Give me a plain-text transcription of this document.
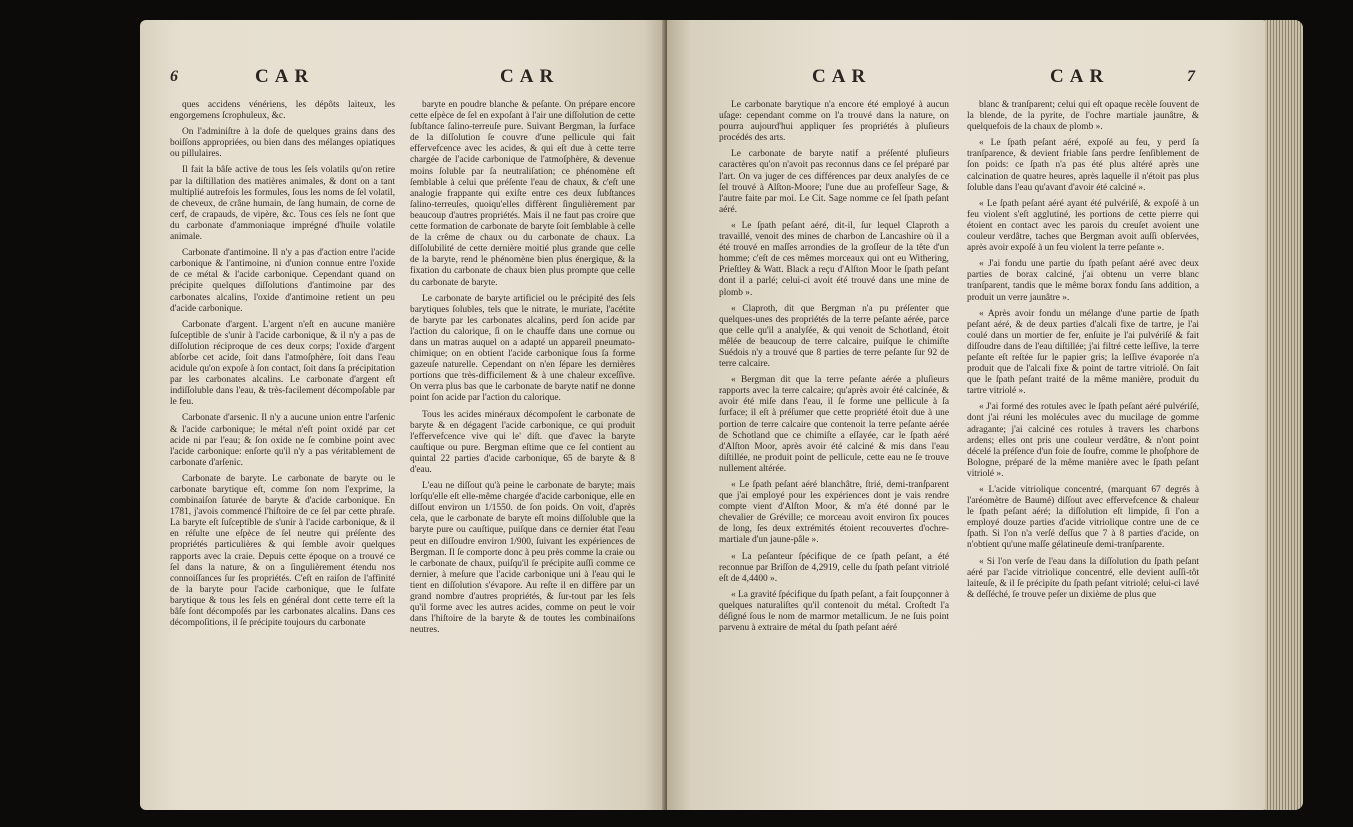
6	CAR	CAR

ques accidens vénériens, les dépôts laiteux, les engorgemens ſcrophuleux, &c.

On l'adminiſtre à la doſe de quelques grains dans des boiſſons appropriées, ou bien dans des mélanges opiatiques ou pillulaires.

Il fait la bâſe active de tous les ſels volatils qu'on retire par la diſtillation des matières animales, & dont on a tant multiplié autrefois les formules, ſous les noms de ſel volatil, de cheveux, de crâne humain, de ſang humain, de corne de cerf, de crapauds, de vipère, &c. Tous ces ſels ne ſont que du carbonate d'ammoniaque imprégné d'huile volatile animale.

Carbonate d'antimoine. Il n'y a pas d'action entre l'acide carbonique & l'antimoine, ni d'union connue entre l'oxide de ce métal & l'acide carbonique. Cependant quand on précipite quelques diſſolutions d'antimoine par des carbonates alcalins, l'oxide d'antimoine retient un peu d'acide carbonique.

Carbonate d'argent. L'argent n'eſt en aucune manière ſuſceptible de s'unir à l'acide carbonique, & il n'y a pas de diſſolution réciproque de ces deux corps; l'oxide d'argent abſorbe cet acide, ſoit dans l'atmoſphère, ſoit dans l'eau acidule qu'on expoſe à ſon contact, ſoit dans ſa précipitation par les carbonates alcalins. Le carbonate d'argent eſt indiſſoluble dans l'eau, & très-facilement décompoſable par le feu.

Carbonate d'arsenic. Il n'y a aucune union entre l'arſenic & l'acide carbonique; le métal n'eſt point oxidé par cet acide ni par l'eau; & ſon oxide ne ſe combine point avec l'acide carbonique: enſorte qu'il n'y a pas véritablement de carbonate d'arſenic.

Carbonate de baryte. Le carbonate de baryte ou le carbonate barytique eſt, comme ſon nom l'exprime, la combinaiſon ſaturée de baryte & d'acide carbonique. En 1781, j'avois commencé l'hiſtoire de ce ſel par cette phraſe. La baryte eſt ſuſceptible de s'unir à l'acide carbonique, & il en réſulte une eſpèce de ſel neutre qui préſente des propriétés particulières & qui ſemble avoir quelques rapports avec la craie. Depuis cette époque on a trouvé ce ſel dans la nature, & on a ſingulièrement étendu nos connoiſſances ſur ſes propriétés. C'eſt en raiſon de l'affinité de la baryte pour l'acide carbonique, que le ſulfate barytique & tous les ſels en général dont cette terre eſt la bâſe ſont décompoſés par les carbonates alcalins. Dans ces décompoſitions, il ſe précipite toujours du carbonate

baryte en poudre blanche & peſante. On prépare encore cette eſpèce de ſel en expoſant à l'air une diſſolution de cette ſubſtance ſalino-terreuſe pure. Suivant Bergman, la ſurface de la diſſolution ſe couvre d'une pellicule qui fait effervefcence avec les acides, & qui eſt due à cette terre chargée de l'acide carbonique de l'atmoſphère, & devenue moins ſoluble par ſa neutraliſation; ce phénomène eſt ſemblable à celui que préſente l'eau de chaux, & c'eſt une analogie frappante qui exiſte entre ces deux ſubſtances ſalino-terreuſes, quoiqu'elles diffèrent ſingulièrement par beaucoup d'autres propriétés. Mais il ne faut pas croire que cette formation de carbonate de baryte ſoit ſemblable à celle de la crême de chaux ou du carbonate de chaux. La diſſolubilité de cette dernière moitié plus grande que celle de la baryte, rend le phénomène bien plus énergique, & la fixation du carbonate de chaux bien plus prompte que celle du carbonate de baryte.

Le carbonate de baryte artificiel ou le précipité des ſels barytiques ſolubles, tels que le nitrate, le muriate, l'acétite de baryte par les carbonates alcalins, perd ſon acide par l'action du calorique, ſi on le chauffe dans une cornue ou dans un matras auquel on a adapté un appareil pneumato-chimique; on en obtient l'acide carbonique ſous ſa forme gazeuſe naturelle. Cependant on n'en ſépare les dernières portions que très-difficilement & à une chaleur exceſſive. On verra plus bas que le carbonate de baryte natif ne donne point ſon acide par l'action du calorique.

Tous les acides minéraux décompoſent le carbonate de baryte & en dégagent l'acide carbonique, ce qui produit l'effervefcence vive qui le' diſt. que d'avec la baryte cauſtique ou pure. Bergman eſtime que ce ſel contient au quintal 22 parties d'acide carbonique, 65 de baryte & 8 d'eau.

L'eau ne diſſout qu'à peine le carbonate de baryte; mais lorſqu'elle eſt elle-même chargée d'acide carbonique, elle en diſſout environ un 1/1550. de ſon poids. On voit, d'après cela, que le carbonate de baryte eſt moins diſſoluble que la baryte pure ou cauſtique, puiſque dans ce dernier état l'eau peut en diſſoudre environ 1/900, ſuivant les expériences de Bergman. Il ſe comporte donc à peu près comme la craie ou le carbonate de chaux, puiſqu'il ſe précipite auſſi comme ce dernier, à meſure que l'acide carbonique uni à l'eau qui le tient en diſſolution s'évapore. Au reſte il en diffère par un grand nombre d'autres propriétés, & ſur-tout par les ſels qu'il forme avec les autres acides, comme on peut le voir dans l'hiſtoire de la baryte & de toutes les combinaiſons neutres.

CAR	CAR	7

Le carbonate barytique n'a encore été employé à aucun uſage: cependant comme on l'a trouvé dans la nature, on pourra aujourd'hui appliquer ſes propriétés à pluſieurs procédés des arts.

Le carbonate de baryte natif a préſenté pluſieurs caractères qu'on n'avoit pas reconnus dans ce ſel préparé par l'art. On va juger de ces différences par deux analyſes de ce ſel trouvé à Alſton-Moore; l'une due au profeſſeur Sage, & l'autre faite par moi. Le Cit. Sage nomme ce ſel ſpath peſant aéré.

« Le ſpath peſant aéré, dit-il, ſur lequel Claproth a travaillé, venoit des mines de charbon de Lancashire où il a été trouvé en maſſes arrondies de la groſſeur de la tête d'un homme; c'eſt de ces mêmes morceaux qui ont eu Withering, Prieſtley & Watt. Black a reçu d'Alſton Moor le ſpath peſant dont il a parlé; celui-ci avoit été trouvé dans une mine de plomb ».

« Claproth, dit que Bergman n'a pu préſenter que quelques-unes des propriétés de la terre peſante aérée, parce que celle qu'il a analyſée, & qui venoit de Schotland, étoit mêlée de beaucoup de terre calcaire, puiſque le chimiſte Suédois n'y a trouvé que 8 parties de terre peſante ſur 92 de terre calcaire.

« Bergman dit que la terre peſante aérée a pluſieurs rapports avec la terre calcaire; qu'après avoir été calcinée, & avoir été miſe dans l'eau, il ſe forme une pellicule à ſa ſurface; il eſt à préſumer que cette propriété étoit due à une portion de terre calcaire que contenoit la terre peſante aérée de Schotland que ce chimiſte a eſſayée, car le ſpath aéré d'Alſton Moor, après avoir été calciné & mis dans l'eau diſtillée, ne produit point de pellicule, cette eau ne ſe trouve nullement altérée.

« Le ſpath peſant aéré blanchâtre, ſtrié, demi-tranſparent que j'ai employé pour les expériences dont je vais rendre compte vient d'Alſton Moor, & m'a été donné par le chevalier de Gréville; ce morceau avoit environ ſix pouces de long, ſes deux extrémités étoient recouvertes d'ochre-martiale d'un jaune-pâle ».

« La peſanteur ſpécifique de ce ſpath peſant, a été reconnue par Briſſon de 4,2919, celle du ſpath peſant vitriolé eſt de 4,4400 ».

« La gravité ſpécifique du ſpath peſant, a fait ſoupçonner à quelques naturaliſtes qu'il contenoit du métal. Croſtedt l'a déſigné ſous le nom de marmor metallicum. Je ne ſuis point parvenu à extraire de métal du ſpath peſant aéré

blanc & tranſparent; celui qui eſt opaque recèle ſouvent de la blende, de la pyrite, de l'ochre martiale jaunâtre, & quelquefois de la chaux de plomb ».

« Le ſpath peſant aéré, expoſé au feu, y perd ſa tranſparence, & devient friable ſans perdre ſenſiblement de ſon poids: ce ſpath n'a pas été plus altéré après une calcination de quatre heures, après laquelle il n'étoit pas plus ſoluble dans l'eau qu'avant d'avoir été calciné ».

« Le ſpath peſant aéré ayant été pulvériſé, & expoſé à un feu violent s'eſt agglutiné, les portions de cette pierre qui étoient en contact avec les parois du creuſet avoient une couleur verdâtre, taches que Bergman avoit auſſi obſervées, après avoir expoſé à un feu violent la terre peſante ».

« J'ai fondu une partie du ſpath peſant aéré avec deux parties de borax calciné, j'ai obtenu un verre blanc tranſparent, tandis que le même borax fondu ſans addition, a produit un verre jaunâtre ».

« Après avoir fondu un mélange d'une partie de ſpath peſant aéré, & de deux parties d'alcali fixe de tartre, je l'ai coulé dans un mortier de fer, enſuite je l'ai pulvériſé & fait diſſoudre dans de l'eau diſtillée; j'ai filtré cette leſſive, la terre peſante eſt reſtée ſur le papier gris; la leſſive évaporée n'a produit que de l'alcali fixe & point de tartre vitriolé. On ſait que le ſpath peſant traité de la même manière, produit du tartre vitriolé ».

« J'ai formé des rotules avec le ſpath peſant aéré pulvériſé, dont j'ai réuni les molécules avec du mucilage de gomme adragante; j'ai calciné ces rotules à travers les charbons ardens; elles ont pris une couleur verdâtre, & n'ont point décelé la préſence d'un foie de ſoufre, comme le phoſphore de Bologne, préparé de la même manière avec le ſpath peſant vitriolé ».

« L'acide vitriolique concentré, (marquant 67 degrés à l'aréomètre de Baumé) diſſout avec effervefcence & chaleur le ſpath peſant aéré; la diſſolution eſt limpide, ſi l'on a employé douze parties d'acide vitriolique contre une de ce ſpath. Si l'on n'a verſé deſſus que 7 à 8 parties d'acide, on n'obtient qu'une maſſe gélatineuſe demi-tranſparente.

« Si l'on verſe de l'eau dans la diſſolution du ſpath peſant aéré par l'acide vitriolique concentré, elle devient auſſi-tôt laiteuſe, & il ſe précipite du ſpath peſant vitriolé; celui-ci lavé & deſſéché, ſe trouve peſer un dixième de plus que
